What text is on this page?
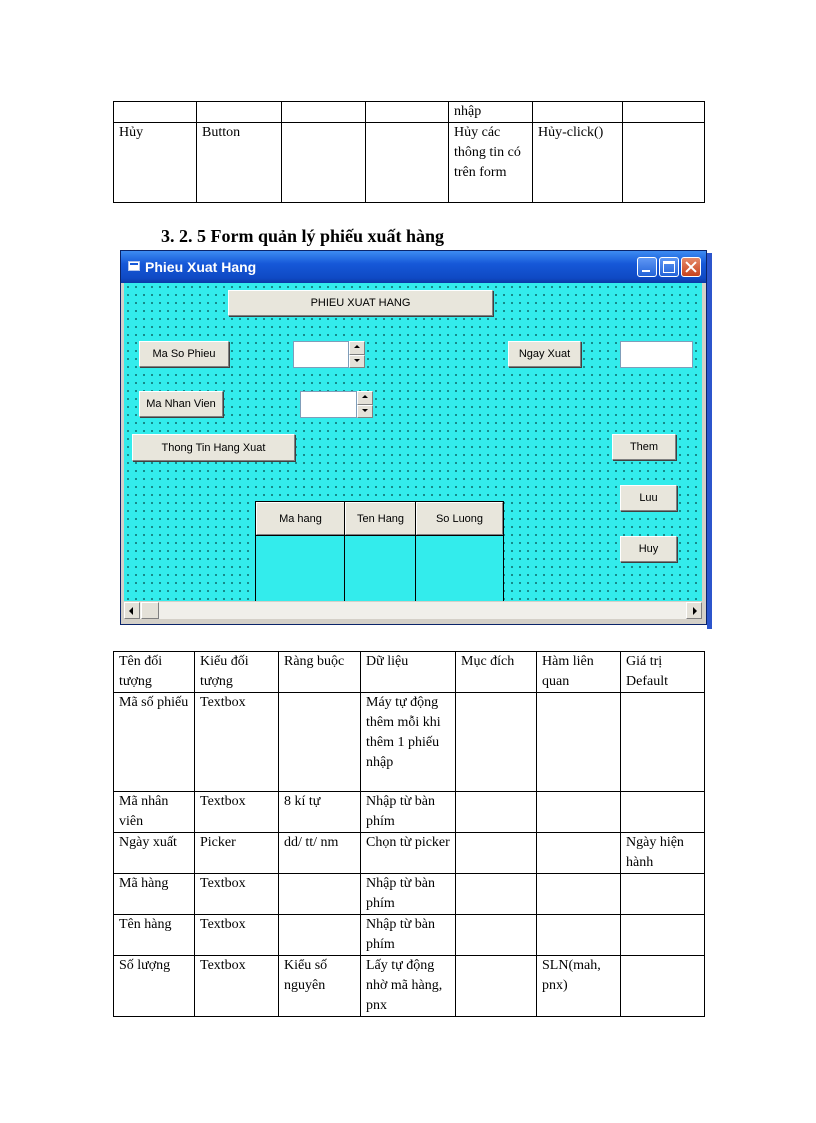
				nhập		
Hủy	Button			Hủy các thông tin có trên form	Hủy-click()	
3. 2. 5 Form quản lý phiếu xuất hàng
Phieu Xuat Hang
PHIEU XUAT HANG
Ma So Phieu	Ngay Xuat
Ma Nhan Vien
Thong Tin Hang Xuat	Them
Ma hang	Ten Hang	So Luong
Luu
Huy
Tên đối tượng	Kiểu đối tượng	Ràng buộc	Dữ liệu	Mục đích	Hàm liên quan	Giá trị Default
Mã số phiếu	Textbox		Máy tự động thêm mỗi khi thêm 1 phiếu nhập			
Mã nhân viên	Textbox	8 kí tự	Nhập từ bàn phím			
Ngày xuất	Picker	dd/ tt/ nm	Chọn từ picker			Ngày hiện hành
Mã hàng	Textbox		Nhập từ bàn phím			
Tên hàng	Textbox		Nhập từ bàn phím			
Số lượng	Textbox	Kiểu số nguyên	Lấy tự động nhờ mã hàng, pnx		SLN(mah, pnx)	
